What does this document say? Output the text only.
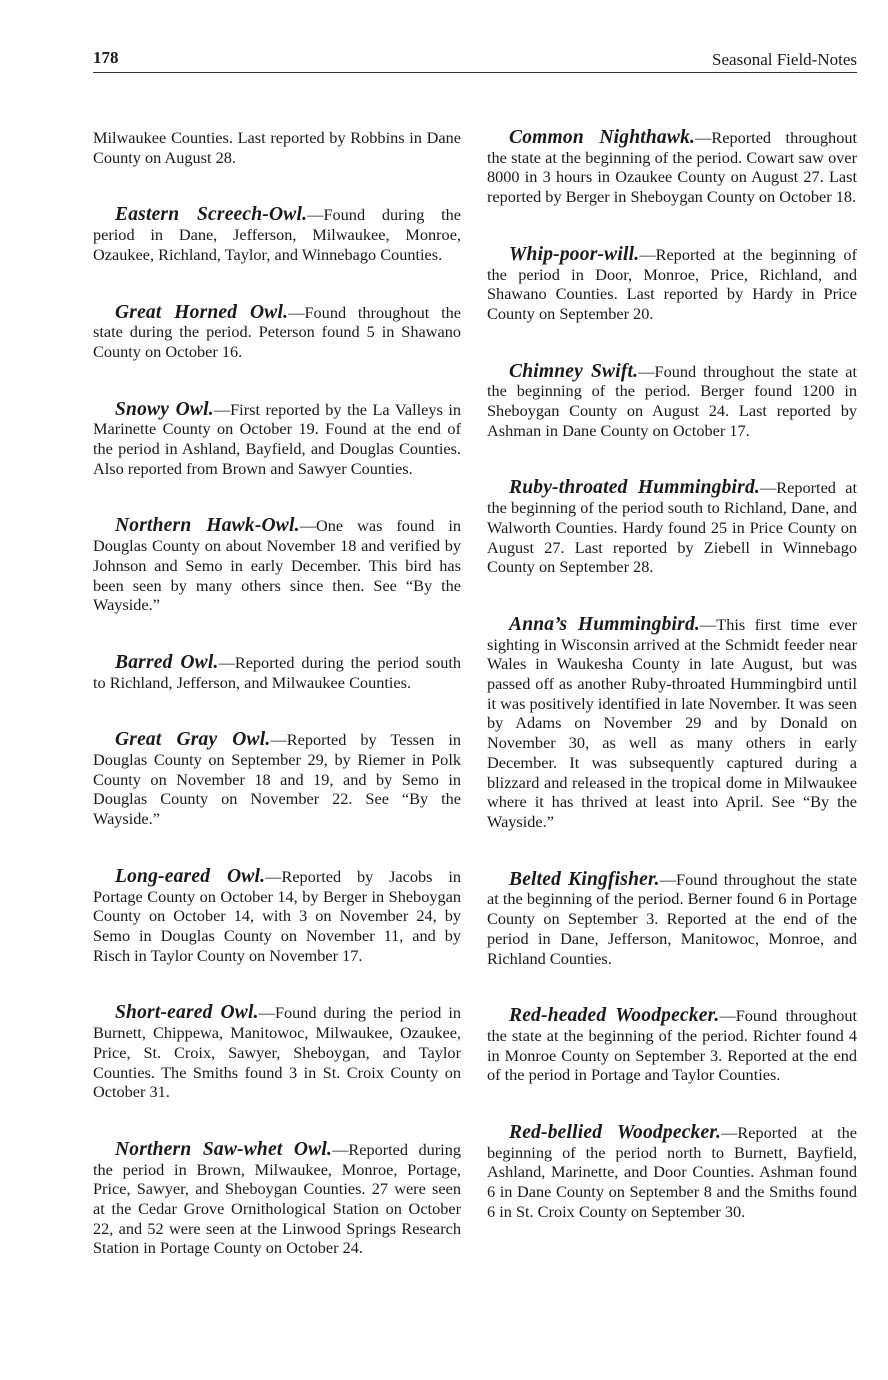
178	Seasonal Field-Notes

Milwaukee Counties. Last reported by Robbins in Dane County on August 28.

Eastern Screech-Owl.—Found during the period in Dane, Jefferson, Milwaukee, Monroe, Ozaukee, Richland, Taylor, and Winnebago Counties.

Great Horned Owl.—Found throughout the state during the period. Peterson found 5 in Shawano County on October 16.

Snowy Owl.—First reported by the La Valleys in Marinette County on October 19. Found at the end of the period in Ashland, Bayfield, and Douglas Counties. Also reported from Brown and Sawyer Counties.

Northern Hawk-Owl.—One was found in Douglas County on about November 18 and verified by Johnson and Semo in early December. This bird has been seen by many others since then. See “By the Wayside.”

Barred Owl.—Reported during the period south to Richland, Jefferson, and Milwaukee Counties.

Great Gray Owl.—Reported by Tessen in Douglas County on September 29, by Riemer in Polk County on November 18 and 19, and by Semo in Douglas County on November 22. See “By the Wayside.”

Long-eared Owl.—Reported by Jacobs in Portage County on October 14, by Berger in Sheboygan County on October 14, with 3 on November 24, by Semo in Douglas County on November 11, and by Risch in Taylor County on November 17.

Short-eared Owl.—Found during the period in Burnett, Chippewa, Manitowoc, Milwaukee, Ozaukee, Price, St. Croix, Sawyer, Sheboygan, and Taylor Counties. The Smiths found 3 in St. Croix County on October 31.

Northern Saw-whet Owl.—Reported during the period in Brown, Milwaukee, Monroe, Portage, Price, Sawyer, and Sheboygan Counties. 27 were seen at the Cedar Grove Ornithological Station on October 22, and 52 were seen at the Linwood Springs Research Station in Portage County on October 24.

Common Nighthawk.—Reported throughout the state at the beginning of the period. Cowart saw over 8000 in 3 hours in Ozaukee County on August 27. Last reported by Berger in Sheboygan County on October 18.

Whip-poor-will.—Reported at the beginning of the period in Door, Monroe, Price, Richland, and Shawano Counties. Last reported by Hardy in Price County on September 20.

Chimney Swift.—Found throughout the state at the beginning of the period. Berger found 1200 in Sheboygan County on August 24. Last reported by Ashman in Dane County on October 17.

Ruby-throated Hummingbird.—Reported at the beginning of the period south to Richland, Dane, and Walworth Counties. Hardy found 25 in Price County on August 27. Last reported by Ziebell in Winnebago County on September 28.

Anna’s Hummingbird.—This first time ever sighting in Wisconsin arrived at the Schmidt feeder near Wales in Waukesha County in late August, but was passed off as another Ruby-throated Hummingbird until it was positively identified in late November. It was seen by Adams on November 29 and by Donald on November 30, as well as many others in early December. It was subsequently captured during a blizzard and released in the tropical dome in Milwaukee where it has thrived at least into April. See “By the Wayside.”

Belted Kingfisher.—Found throughout the state at the beginning of the period. Berner found 6 in Portage County on September 3. Reported at the end of the period in Dane, Jefferson, Manitowoc, Monroe, and Richland Counties.

Red-headed Woodpecker.—Found throughout the state at the beginning of the period. Richter found 4 in Monroe County on September 3. Reported at the end of the period in Portage and Taylor Counties.

Red-bellied Woodpecker.—Reported at the beginning of the period north to Burnett, Bayfield, Ashland, Marinette, and Door Counties. Ashman found 6 in Dane County on September 8 and the Smiths found 6 in St. Croix County on September 30.
